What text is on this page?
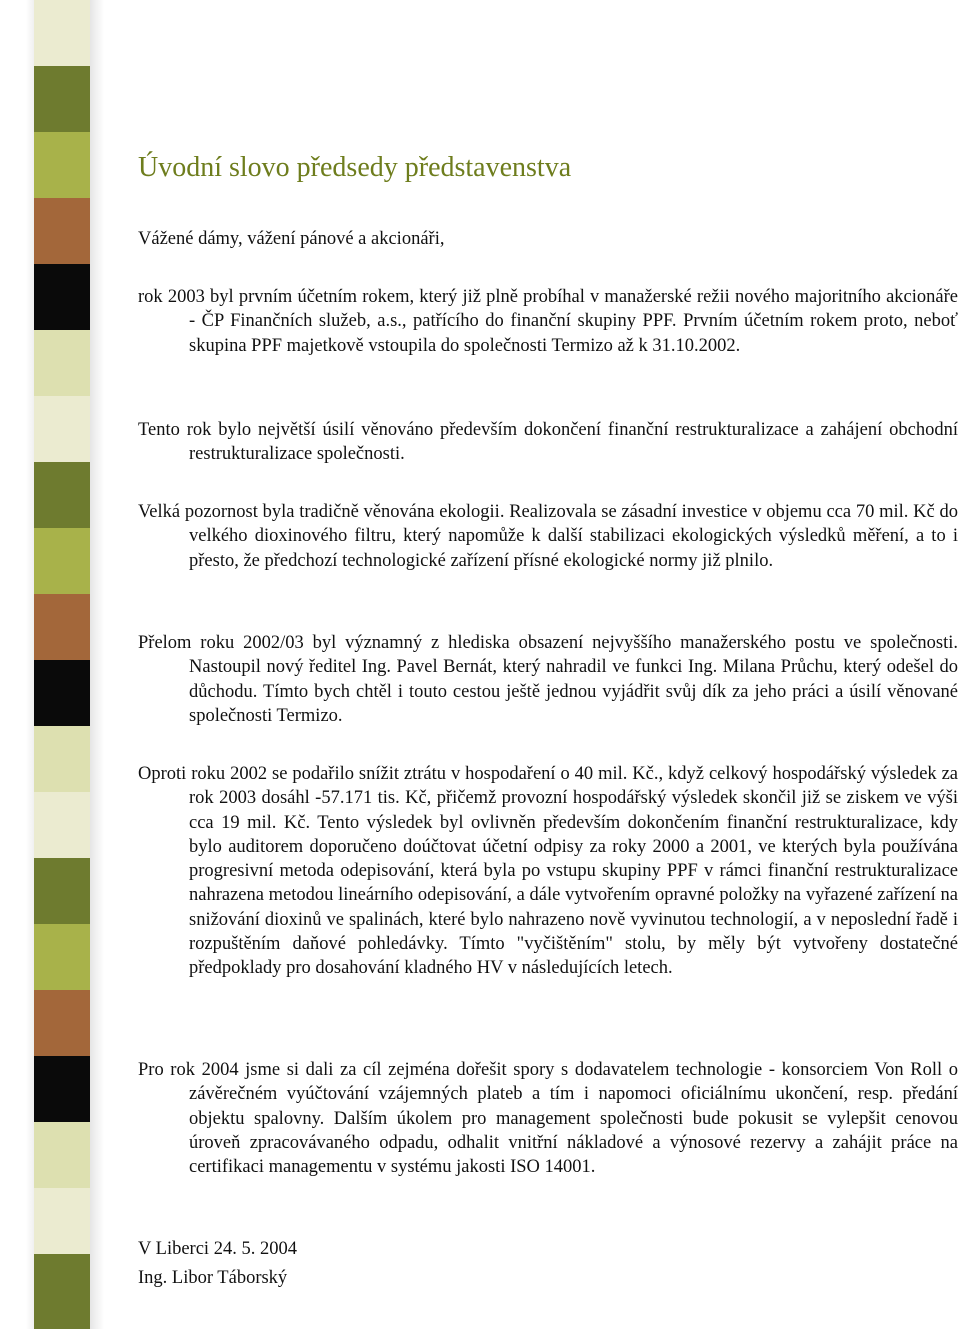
Úvodní slovo předsedy představenstva

Vážené dámy, vážení pánové a akcionáři,

rok 2003 byl prvním účetním rokem, který již plně probíhal v manažerské režii nového majoritního akcionáře - ČP Finančních služeb, a.s., patřícího do finanční skupiny PPF. Prvním účetním rokem proto, neboť skupina PPF majetkově vstoupila do společnosti Termizo až k 31.10.2002.

Tento rok bylo největší úsilí věnováno především dokončení finanční restrukturalizace a zahájení obchodní restrukturalizace společnosti.

Velká pozornost byla tradičně věnována ekologii. Realizovala se zásadní investice v objemu cca 70 mil. Kč do velkého dioxinového filtru, který napomůže k další stabilizaci ekologických výsledků měření, a to i přesto, že předchozí technologické zařízení přísné ekologické normy již plnilo.

Přelom roku 2002/03 byl významný z hlediska obsazení nejvyššího manažerského postu ve společnosti. Nastoupil nový ředitel Ing. Pavel Bernát, který nahradil ve funkci Ing. Milana Průchu, který odešel do důchodu. Tímto bych chtěl i touto cestou ještě jednou vyjádřit svůj dík za jeho práci a úsilí věnované společnosti Termizo.

Oproti roku 2002 se podařilo snížit ztrátu v hospodaření o 40 mil. Kč., když celkový hospodářský výsledek za rok 2003 dosáhl -57.171 tis. Kč, přičemž provozní hospodářský výsledek skončil již se ziskem ve výši cca 19 mil. Kč. Tento výsledek byl ovlivněn především dokončením finanční restrukturalizace, kdy bylo auditorem doporučeno doúčtovat účetní odpisy za roky 2000 a 2001, ve kterých byla používána progresivní metoda odepisování, která byla po vstupu skupiny PPF v rámci finanční restrukturalizace nahrazena metodou lineárního odepisování, a dále vytvořením opravné položky na vyřazené zařízení na snižování dioxinů ve spalinách, které bylo nahrazeno nově vyvinutou technologií, a v neposlední řadě i rozpuštěním daňové pohledávky. Tímto "vyčištěním" stolu, by měly být vytvořeny dostatečné předpoklady pro dosahování kladného HV v následujících letech.

Pro rok 2004 jsme si dali za cíl zejména dořešit spory s dodavatelem technologie - konsorciem Von Roll o závěrečném vyúčtování vzájemných plateb a tím i napomoci oficiálnímu ukončení, resp. předání objektu spalovny. Dalším úkolem pro management společnosti bude pokusit se vylepšit cenovou úroveň zpracovávaného odpadu, odhalit vnitřní nákladové a výnosové rezervy a zahájit práce na certifikaci managementu v systému jakosti ISO 14001.

V Liberci 24. 5. 2004

Ing. Libor Táborský
